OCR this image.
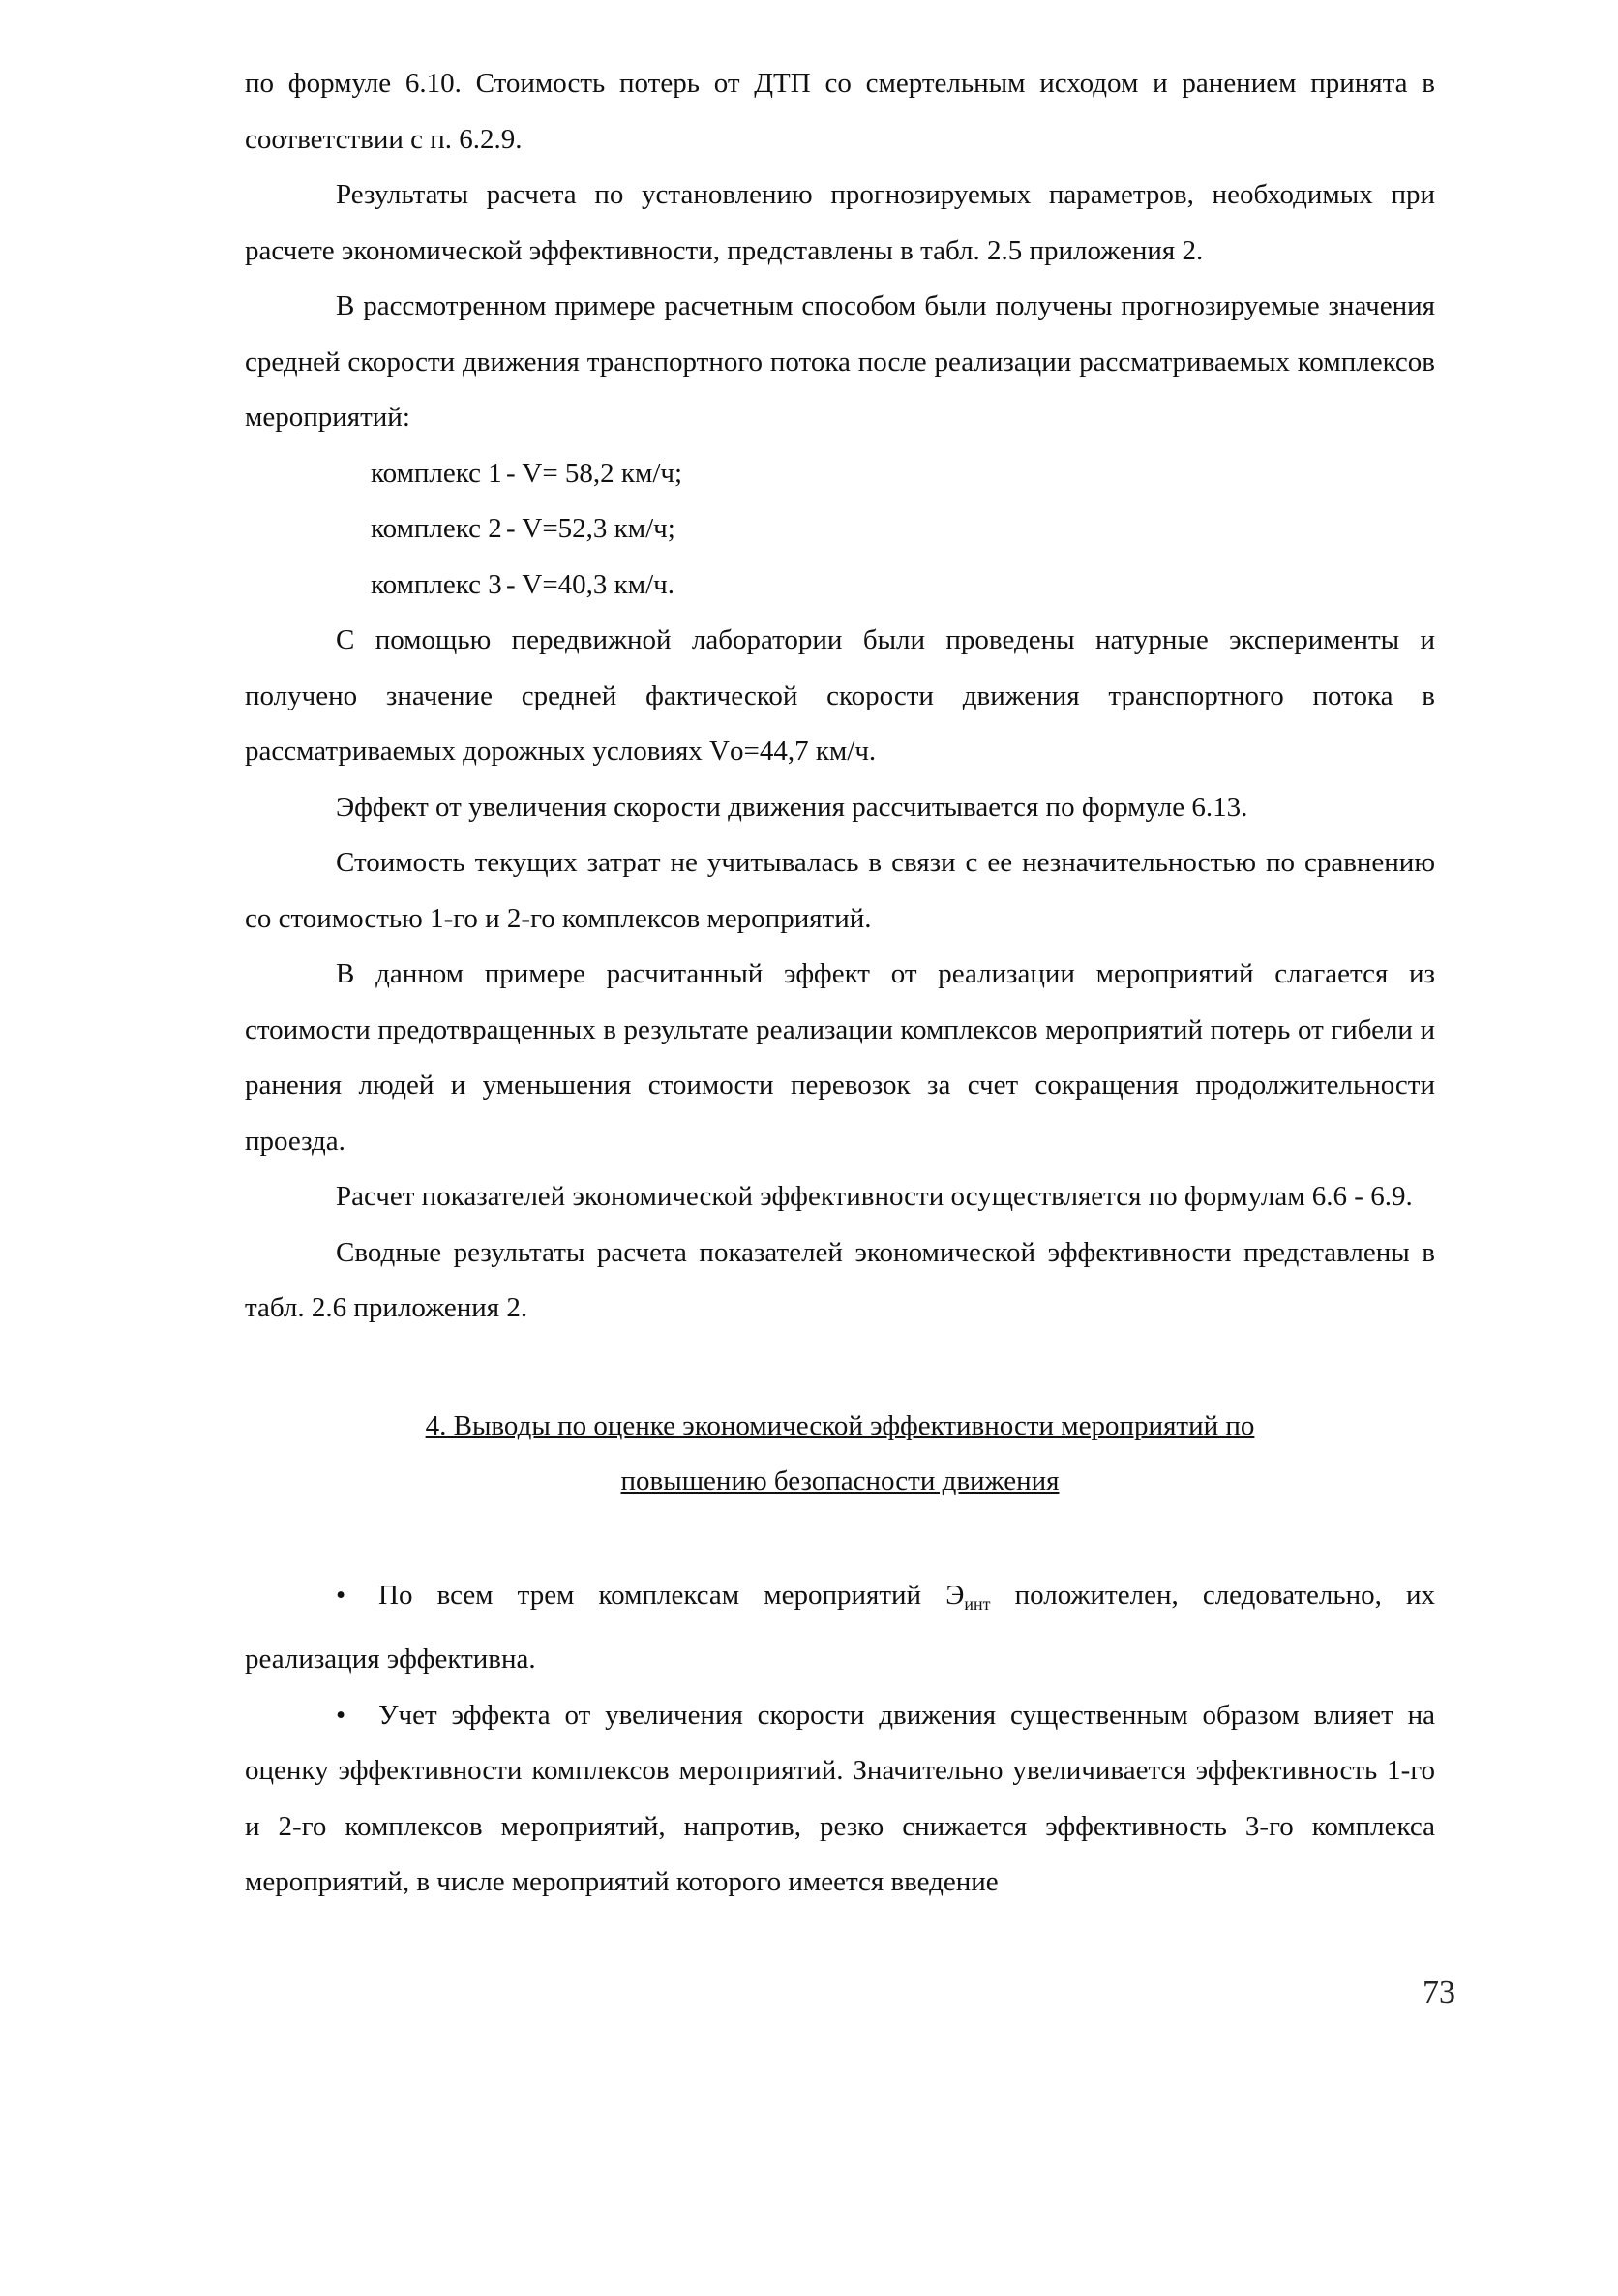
по формуле 6.10. Стоимость потерь от ДТП со смертельным исходом и ранением принята в соответствии с п. 6.2.9.

Результаты расчета по установлению прогнозируемых параметров, необходимых при расчете экономической эффективности, представлены в табл. 2.5 приложения 2.

В рассмотренном примере расчетным способом были получены прогнозируемые значения средней скорости движения транспортного потока после реализации рассматриваемых комплексов мероприятий:

комплекс 1 - V= 58,2 км/ч;
комплекс 2 - V=52,3 км/ч;
комплекс 3 - V=40,3 км/ч.

С помощью передвижной лаборатории были проведены натурные эксперименты и получено значение средней фактической скорости движения транспортного потока в рассматриваемых дорожных условиях Vо=44,7 км/ч.

Эффект от увеличения скорости движения рассчитывается по формуле 6.13.

Стоимость текущих затрат не учитывалась в связи с ее незначительностью по сравнению со стоимостью 1-го и 2-го комплексов мероприятий.

В данном примере расчитанный эффект от реализации мероприятий слагается из стоимости предотвращенных в результате реализации комплексов мероприятий потерь от гибели и ранения людей и уменьшения стоимости перевозок за счет сокращения продолжительности проезда.

Расчет показателей экономической эффективности осуществляется по формулам 6.6 - 6.9.

Сводные результаты расчета показателей экономической эффективности представлены в табл. 2.6 приложения 2.

4. Выводы по оценке экономической эффективности мероприятий по
повышению безопасности движения

• По всем трем комплексам мероприятий $Э_{инт}$ положителен, следовательно, их реализация эффективна.

• Учет эффекта от увеличения скорости движения существенным образом влияет на оценку эффективности комплексов мероприятий. Значительно увеличивается эффективность 1-го и 2-го комплексов мероприятий, напротив, резко снижается эффективность 3-го комплекса мероприятий, в числе мероприятий которого имеется введение

73
